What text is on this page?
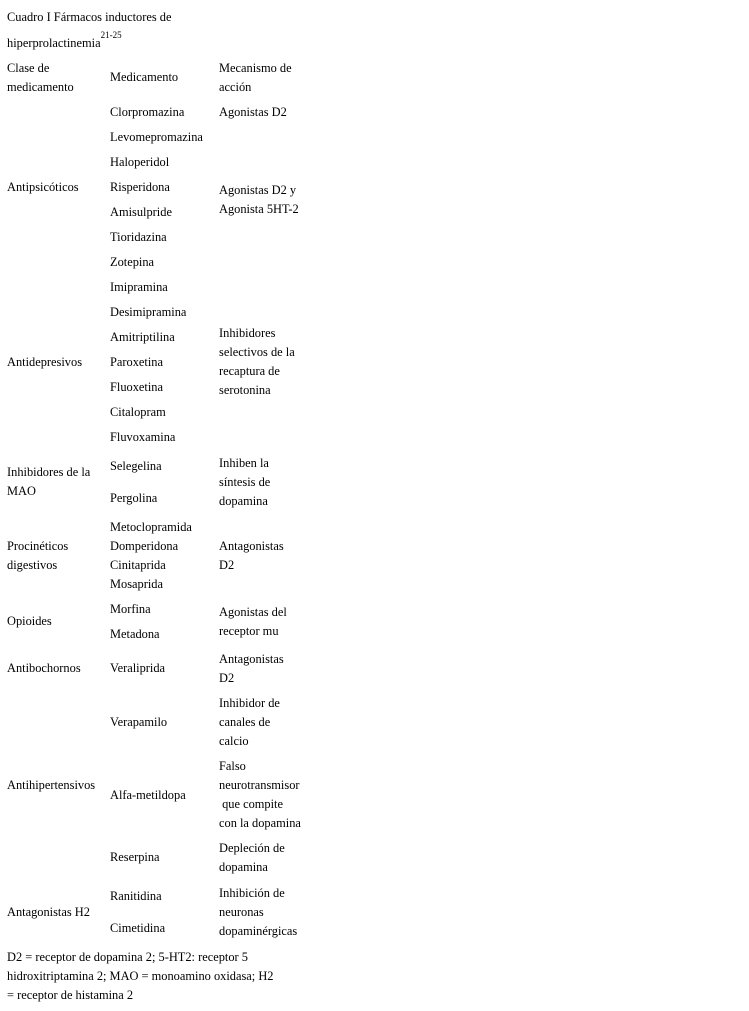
Cuadro I Fármacos inductores de
hiperprolactinemia$^{21-25}$
Clase de
medicamento
Medicamento
Mecanismo de
acción
Antipsicóticos
Clorpromazina
Levomepromazina
Haloperidol
Risperidona
Amisulpride
Tioridazina
Zotepina
Agonistas D2
Agonistas D2 y
Agonista 5HT-2
Antidepresivos
Imipramina
Desimipramina
Amitriptilina
Paroxetina
Fluoxetina
Citalopram
Fluvoxamina
Inhibidores
selectivos de la
recaptura de
serotonina
Inhibidores de la
MAO
Selegelina
Pergolina
Inhiben la
síntesis de
dopamina
Procinéticos
digestivos
Metoclopramida
Domperidona
Cinitaprida
Mosaprida
Antagonistas
D2
Opioides
Morfina
Metadona
Agonistas del
receptor mu
Antibochornos Veraliprida
Antagonistas
D2
Antihipertensivos
Verapamilo
Alfa-metildopa
Reserpina
Inhibidor de
canales de
calcio
Falso
neurotransmisor
que compite
con la dopamina
Depleción de
dopamina
Antagonistas H2
Ranitidina
Cimetidina
Inhibición de
neuronas
dopaminérgicas
D2 = receptor de dopamina 2; 5-HT2: receptor 5
hidroxitriptamina 2; MAO = monoamino oxidasa; H2
= receptor de histamina 2
